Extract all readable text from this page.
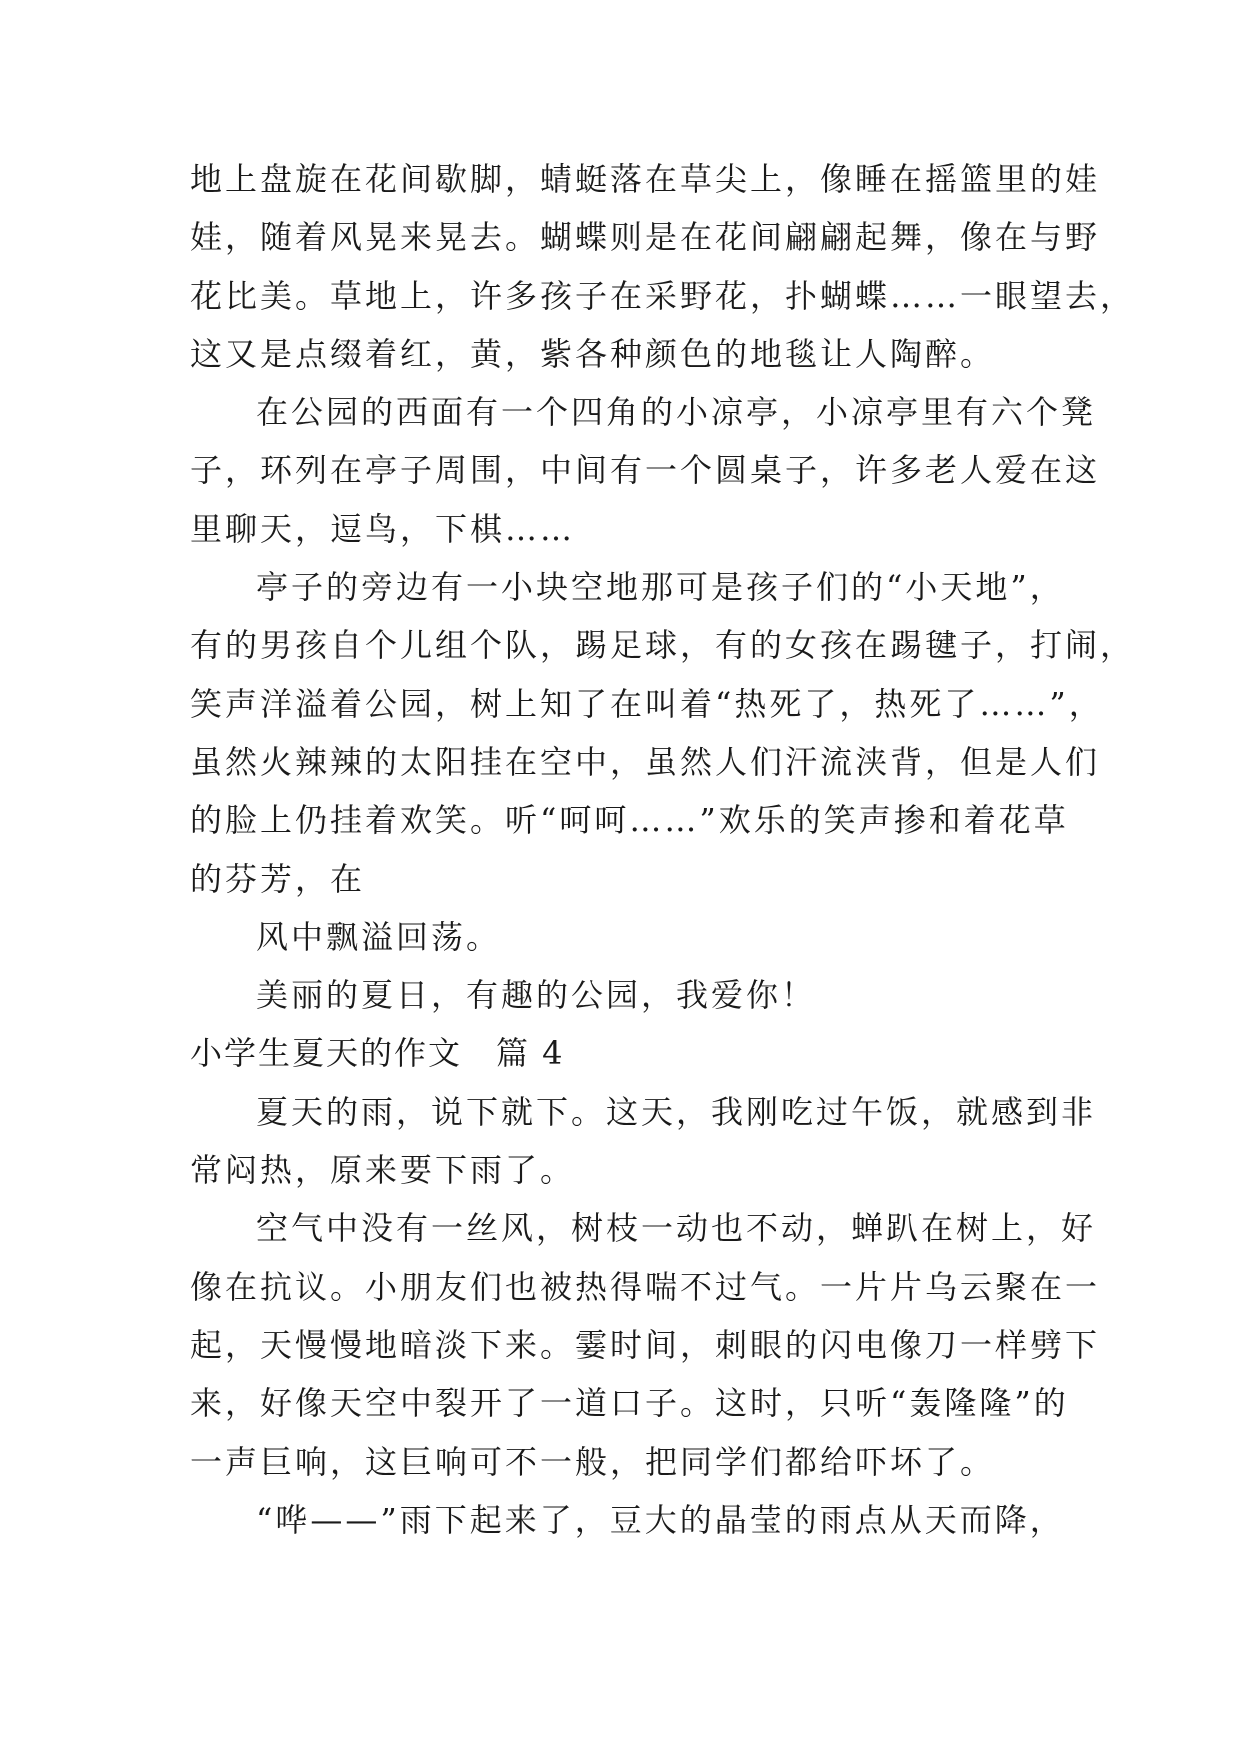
地上盘旋在花间歇脚，蜻蜓落在草尖上，像睡在摇篮里的娃
娃，随着风晃来晃去。蝴蝶则是在花间翩翩起舞，像在与野
花比美。草地上，许多孩子在采野花，扑蝴蝶……一眼望去，
这又是点缀着红，黄，紫各种颜色的地毯让人陶醉。
在公园的西面有一个四角的小凉亭，小凉亭里有六个凳
子，环列在亭子周围，中间有一个圆桌子，许多老人爱在这
里聊天，逗鸟，下棋……
亭子的旁边有一小块空地那可是孩子们的“小天地”，
有的男孩自个儿组个队，踢足球，有的女孩在踢毽子，打闹，
笑声洋溢着公园，树上知了在叫着“热死了，热死了……”，
虽然火辣辣的太阳挂在空中，虽然人们汗流浃背，但是人们
的脸上仍挂着欢笑。听“呵呵……”欢乐的笑声掺和着花草
的芬芳，在
风中飘溢回荡。
美丽的夏日，有趣的公园，我爱你！
小学生夏天的作文　篇 4
夏天的雨，说下就下。这天，我刚吃过午饭，就感到非
常闷热，原来要下雨了。
空气中没有一丝风，树枝一动也不动，蝉趴在树上，好
像在抗议。小朋友们也被热得喘不过气。一片片乌云聚在一
起，天慢慢地暗淡下来。霎时间，刺眼的闪电像刀一样劈下
来，好像天空中裂开了一道口子。这时，只听“轰隆隆”的
一声巨响，这巨响可不一般，把同学们都给吓坏了。
“哗——”雨下起来了，豆大的晶莹的雨点从天而降，
